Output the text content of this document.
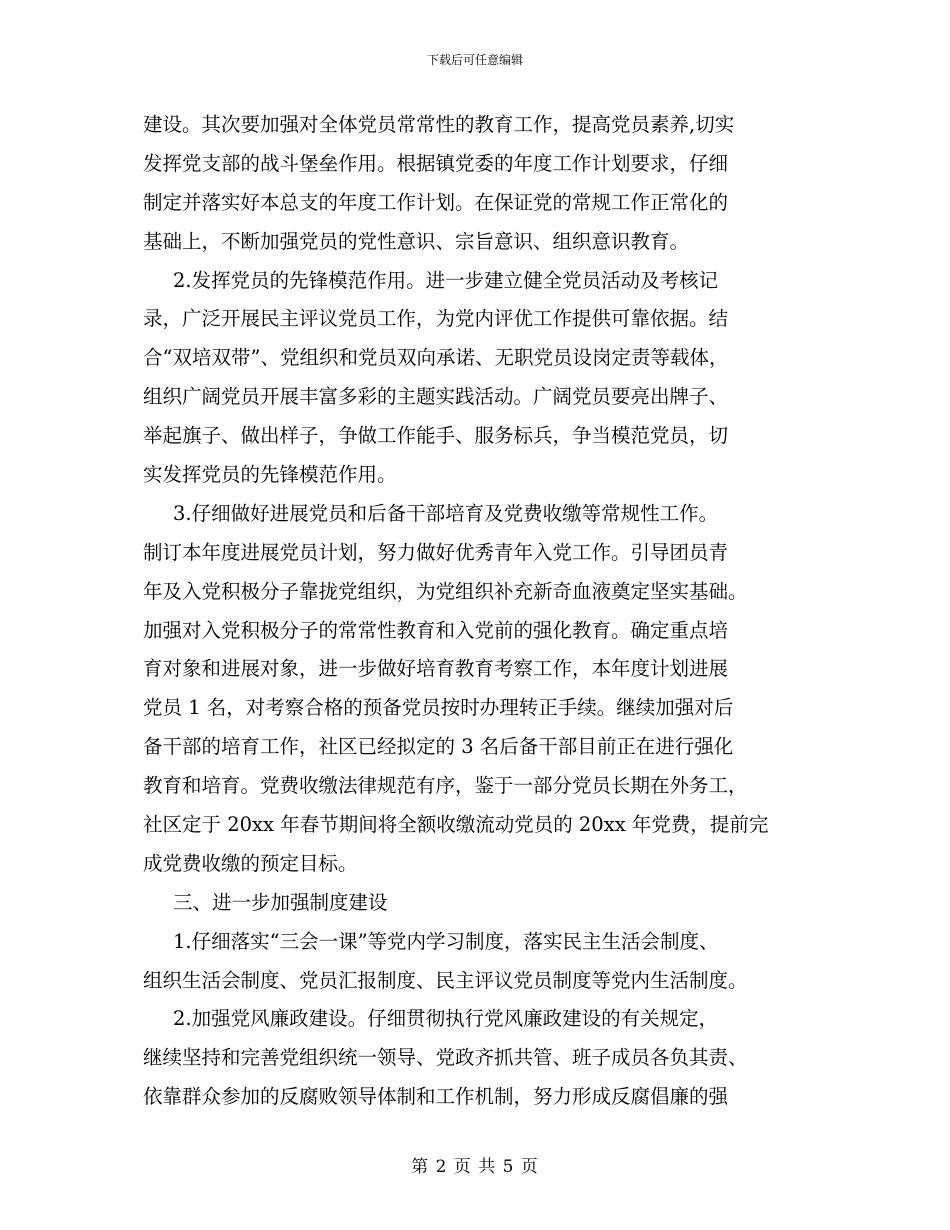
下载后可任意编辑
建设。其次要加强对全体党员常常性的教育工作，提高党员素养,切实
发挥党支部的战斗堡垒作用。根据镇党委的年度工作计划要求，仔细
制定并落实好本总支的年度工作计划。在保证党的常规工作正常化的
基础上，不断加强党员的党性意识、宗旨意识、组织意识教育。
2.发挥党员的先锋模范作用。进一步建立健全党员活动及考核记
录，广泛开展民主评议党员工作，为党内评优工作提供可靠依据。结
合“双培双带”、党组织和党员双向承诺、无职党员设岗定责等载体，
组织广阔党员开展丰富多彩的主题实践活动。广阔党员要亮出牌子、
举起旗子、做出样子，争做工作能手、服务标兵，争当模范党员，切
实发挥党员的先锋模范作用。
3.仔细做好进展党员和后备干部培育及党费收缴等常规性工作。
制订本年度进展党员计划，努力做好优秀青年入党工作。引导团员青
年及入党积极分子靠拢党组织，为党组织补充新奇血液奠定坚实基础。
加强对入党积极分子的常常性教育和入党前的强化教育。确定重点培
育对象和进展对象，进一步做好培育教育考察工作，本年度计划进展
党员 1 名，对考察合格的预备党员按时办理转正手续。继续加强对后
备干部的培育工作，社区已经拟定的 3 名后备干部目前正在进行强化
教育和培育。党费收缴法律规范有序，鉴于一部分党员长期在外务工，
社区定于 20xx 年春节期间将全额收缴流动党员的 20xx 年党费，提前完
成党费收缴的预定目标。
三、进一步加强制度建设
1.仔细落实“三会一课”等党内学习制度，落实民主生活会制度、
组织生活会制度、党员汇报制度、民主评议党员制度等党内生活制度。
2.加强党风廉政建设。仔细贯彻执行党风廉政建设的有关规定，
继续坚持和完善党组织统一领导、党政齐抓共管、班子成员各负其责、
依靠群众参加的反腐败领导体制和工作机制，努力形成反腐倡廉的强
第 2 页 共 5 页
